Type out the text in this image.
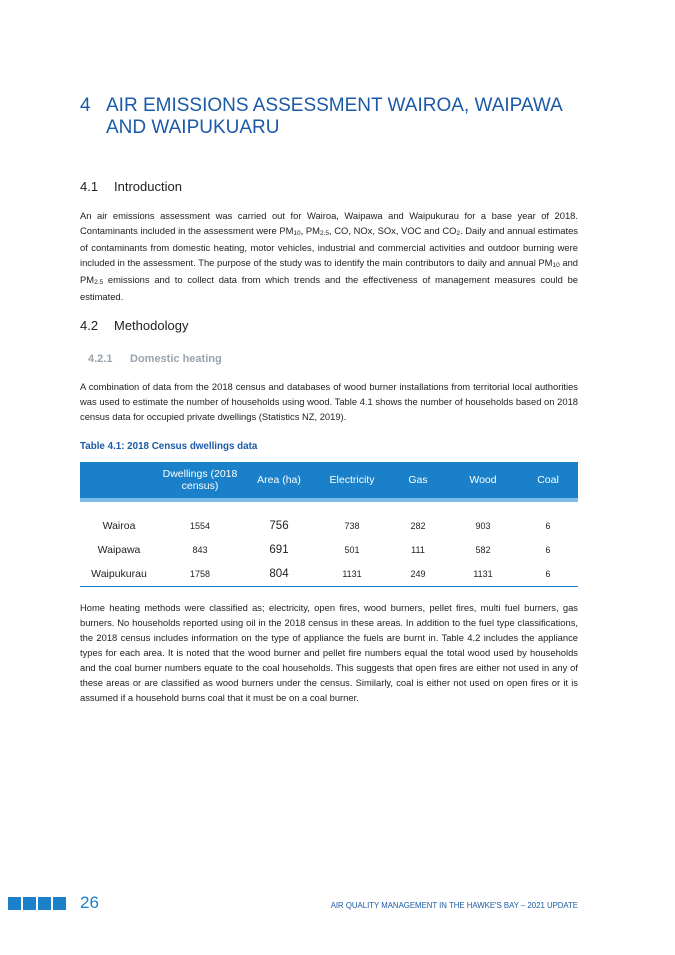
4 AIR EMISSIONS ASSESSMENT WAIROA, WAIPAWA AND WAIPUKUARU
4.1 Introduction
An air emissions assessment was carried out for Wairoa, Waipawa and Waipukurau for a base year of 2018. Contaminants included in the assessment were $PM_{10}$, $PM_{2.5}$, CO, NOx, SOx, VOC and $CO_2$. Daily and annual estimates of contaminants from domestic heating, motor vehicles, industrial and commercial activities and outdoor burning were included in the assessment. The purpose of the study was to identify the main contributors to daily and annual $PM_{10}$ and $PM_{2.5}$ emissions and to collect data from which trends and the effectiveness of management measures could be estimated.
4.2 Methodology
4.2.1 Domestic heating
A combination of data from the 2018 census and databases of wood burner installations from territorial local authorities was used to estimate the number of households using wood. Table 4.1 shows the number of households based on 2018 census data for occupied private dwellings (Statistics NZ, 2019).
Table 4.1: 2018 Census dwellings data
	Dwellings (2018 census)	Area (ha)	Electricity	Gas	Wood	Coal

Wairoa	1554	756	738	282	903	6
Waipawa	843	691	501	111	582	6
Waipukurau	1758	804	1131	249	1131	6
Home heating methods were classified as; electricity, open fires, wood burners, pellet fires, multi fuel burners, gas burners. No households reported using oil in the 2018 census in these areas. In addition to the fuel type classifications, the 2018 census includes information on the type of appliance the fuels are burnt in. Table 4.2 includes the appliance types for each area. It is noted that the wood burner and pellet fire numbers equal the total wood used by households and the coal burner numbers equate to the coal households. This suggests that open fires are either not used in any of these areas or are classified as wood burners under the census. Similarly, coal is either not used on open fires or it is assumed if a household burns coal that it must be on a coal burner.
26	AIR QUALITY MANAGEMENT IN THE HAWKE'S BAY – 2021 UPDATE
